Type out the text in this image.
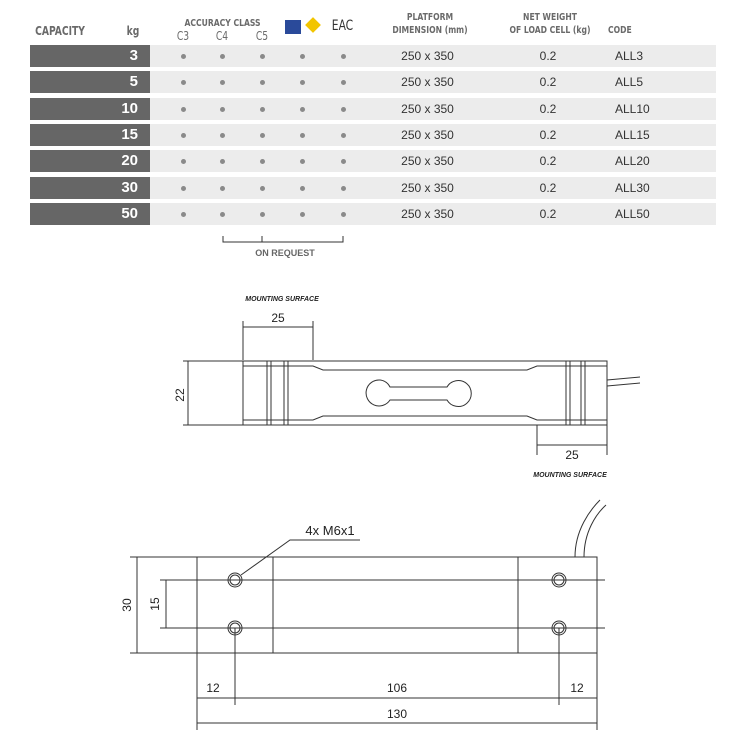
CAPACITY	kg
ACCURACY CLASS
C3	C4	C5
EAC
PLATFORM
DIMENSION (mm)
NET WEIGHT
OF LOAD CELL (kg)	CODE
3	250 x 350	0.2	ALL3
5	250 x 350	0.2	ALL5
10	250 x 350	0.2	ALL10
15	250 x 350	0.2	ALL15
20	250 x 350	0.2	ALL20
30	250 x 350	0.2	ALL30
50	250 x 350	0.2	ALL50
ON REQUEST
MOUNTING SURFACE
25
22
25
MOUNTING SURFACE
4x M6x1
30 15
12	106	12
130
